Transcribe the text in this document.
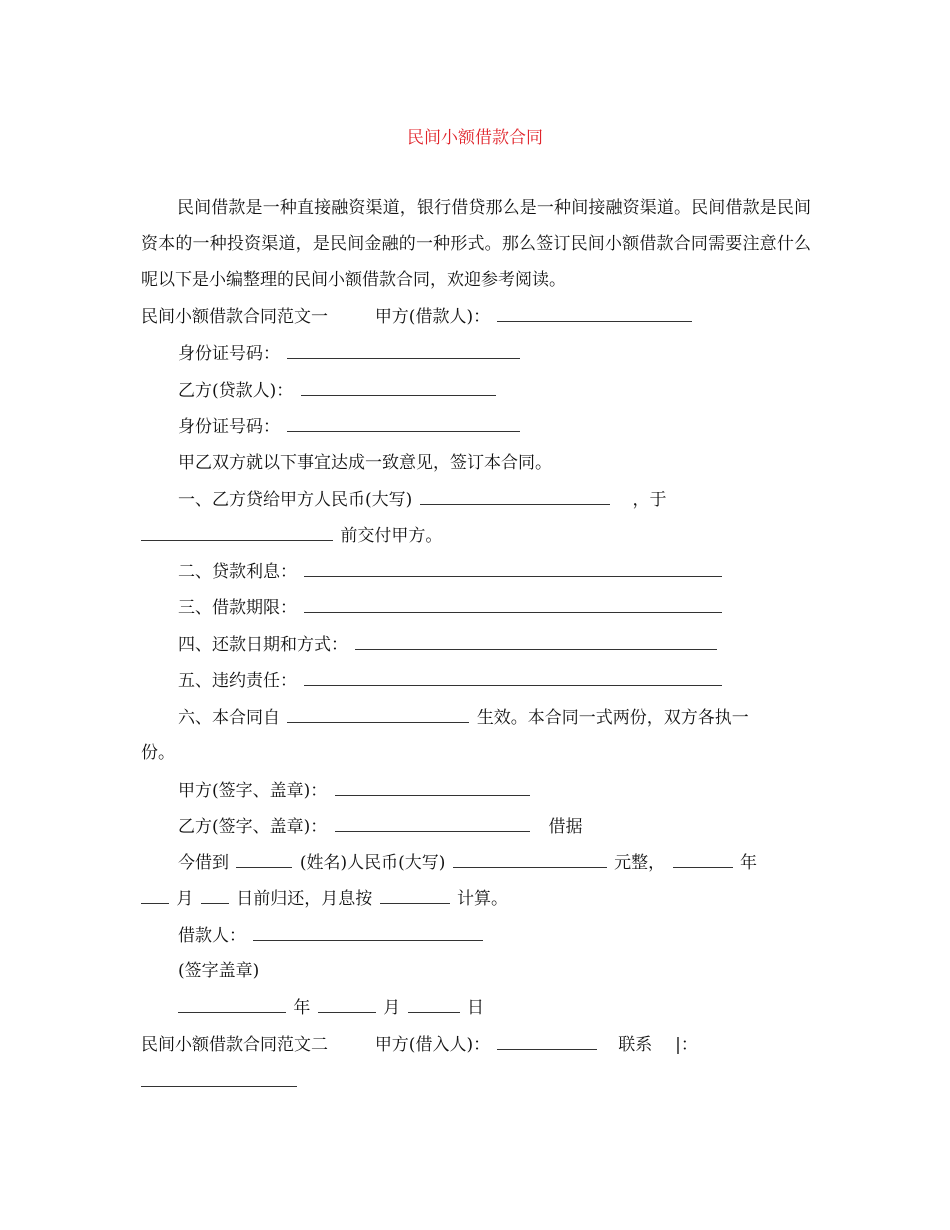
民间小额借款合同
民间借款是一种直接融资渠道，银行借贷那么是一种间接融资渠道。民间借款是民间资本的一种投资渠道，是民间金融的一种形式。那么签订民间小额借款合同需要注意什么呢以下是小编整理的民间小额借款合同，欢迎参考阅读。
民间小额借款合同范文一	甲方(借款人)：
身份证号码：
乙方(贷款人)：
身份证号码：
甲乙双方就以下事宜达成一致意见，签订本合同。
一、乙方贷给甲方人民币(大写)	，于
前交付甲方。
二、贷款利息：
三、借款期限：
四、还款日期和方式：
五、违约责任：
六、本合同自	生效。本合同一式两份，双方各执一
份。
甲方(签字、盖章)：
乙方(签字、盖章)：	借据
今借到	(姓名)人民币(大写)	元整，	年
月	日前归还，月息按	计算。
借款人：
(签字盖章)
年	月	日
民间小额借款合同范文二	甲方(借入人)：	联系 |：
